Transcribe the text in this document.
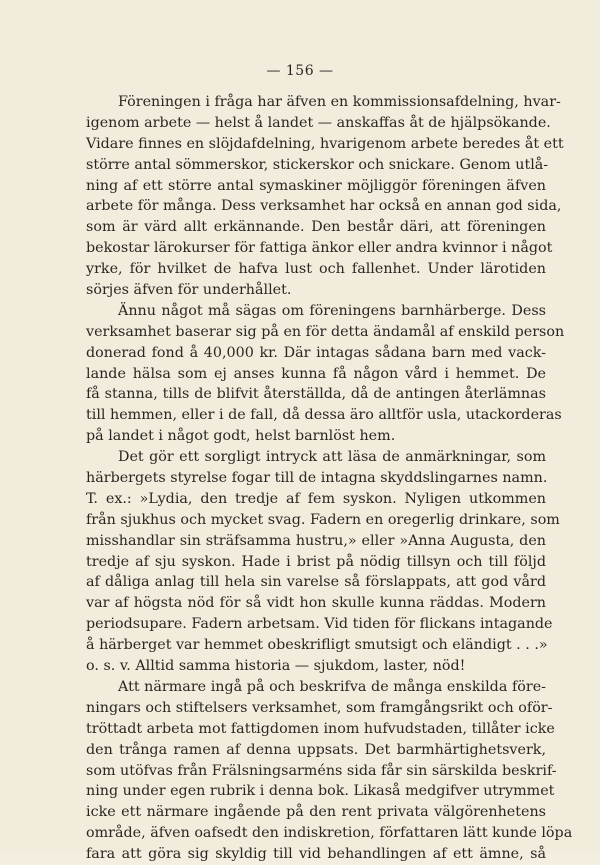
— 156 —
Föreningen i fråga har äfven en kommissionsafdelning, hvar-
igenom arbete — helst å landet — anskaffas åt de hjälpsökande.
Vidare finnes en slöjdafdelning, hvarigenom arbete beredes åt ett
större antal sömmerskor, stickerskor och snickare. Genom utlå-
ning af ett större antal symaskiner möjliggör föreningen äfven
arbete för många. Dess verksamhet har också en annan god sida,
som är värd allt erkännande. Den består däri, att föreningen
bekostar lärokurser för fattiga änkor eller andra kvinnor i något
yrke, för hvilket de hafva lust och fallenhet. Under lärotiden
sörjes äfven för underhållet.
Ännu något må sägas om föreningens barnhärberge. Dess
verksamhet baserar sig på en för detta ändamål af enskild person
donerad fond å 40,000 kr. Där intagas sådana barn med vack-
lande hälsa som ej anses kunna få någon vård i hemmet. De
få stanna, tills de blifvit återställda, då de antingen återlämnas
till hemmen, eller i de fall, då dessa äro alltför usla, utackorderas
på landet i något godt, helst barnlöst hem.
Det gör ett sorgligt intryck att läsa de anmärkningar, som
härbergets styrelse fogar till de intagna skyddslingarnes namn.
T. ex.: »Lydia, den tredje af fem syskon. Nyligen utkommen
från sjukhus och mycket svag. Fadern en oregerlig drinkare, som
misshandlar sin sträfsamma hustru,» eller »Anna Augusta, den
tredje af sju syskon. Hade i brist på nödig tillsyn och till följd
af dåliga anlag till hela sin varelse så förslappats, att god vård
var af högsta nöd för så vidt hon skulle kunna räddas. Modern
periodsupare. Fadern arbetsam. Vid tiden för flickans intagande
å härberget var hemmet obeskrifligt smutsigt och eländigt . . .»
o. s. v. Alltid samma historia — sjukdom, laster, nöd!
Att närmare ingå på och beskrifva de många enskilda före-
ningars och stiftelsers verksamhet, som framgångsrikt och oför-
tröttadt arbeta mot fattigdomen inom hufvudstaden, tillåter icke
den trånga ramen af denna uppsats. Det barmhärtighetsverk,
som utöfvas från Frälsningsarméns sida får sin särskilda beskrif-
ning under egen rubrik i denna bok. Likaså medgifver utrymmet
icke ett närmare ingående på den rent privata välgörenhetens
område, äfven oafsedt den indiskretion, författaren lätt kunde löpa
fara att göra sig skyldig till vid behandlingen af ett ämne, så
